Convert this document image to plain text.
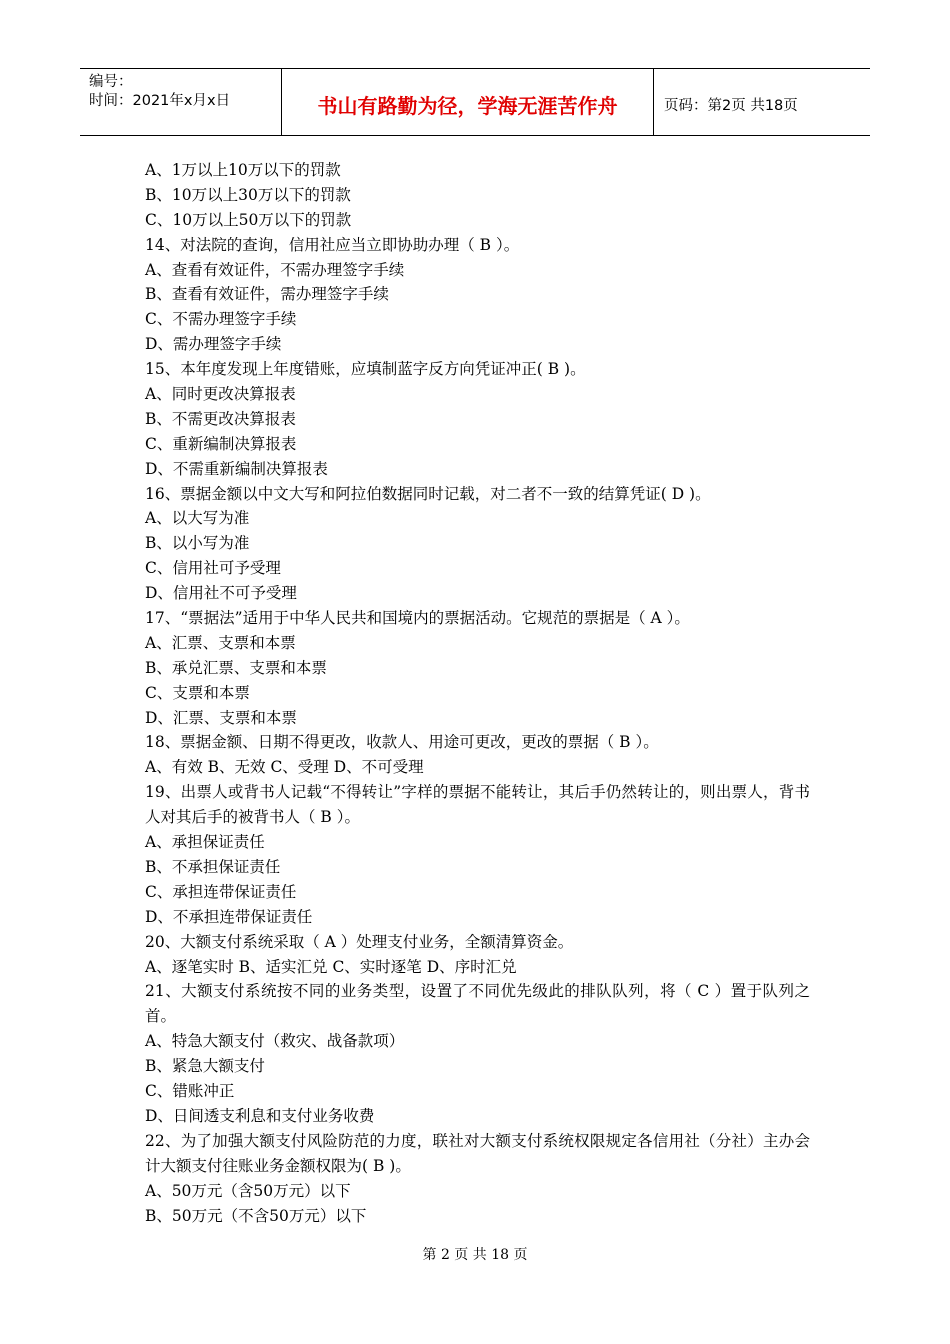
编号：
时间：2021年x月x日	书山有路勤为径，学海无涯苦作舟	页码：第2页 共18页
A、1万以上10万以下的罚款
B、10万以上30万以下的罚款
C、10万以上50万以下的罚款
14、对法院的查询，信用社应当立即协助办理（ B ）。
A、查看有效证件，不需办理签字手续
B、查看有效证件，需办理签字手续
C、不需办理签字手续
D、需办理签字手续
15、本年度发现上年度错账，应填制蓝字反方向凭证冲正( B )。
A、同时更改决算报表
B、不需更改决算报表
C、重新编制决算报表
D、不需重新编制决算报表
16、票据金额以中文大写和阿拉伯数据同时记载，对二者不一致的结算凭证( D )。
A、以大写为准
B、以小写为准
C、信用社可予受理
D、信用社不可予受理
17、“票据法”适用于中华人民共和国境内的票据活动。它规范的票据是（ A ）。
A、汇票、支票和本票
B、承兑汇票、支票和本票
C、支票和本票
D、汇票、支票和本票
18、票据金额、日期不得更改，收款人、用途可更改，更改的票据（ B ）。
A、有效 B、无效 C、受理 D、不可受理
19、出票人或背书人记载“不得转让”字样的票据不能转让，其后手仍然转让的，则出票人，背书人对其后手的被背书人（ B ）。
A、承担保证责任
B、不承担保证责任
C、承担连带保证责任
D、不承担连带保证责任
20、大额支付系统采取（ A ）处理支付业务，全额清算资金。
A、逐笔实时 B、适实汇兑 C、实时逐笔 D、序时汇兑
21、大额支付系统按不同的业务类型，设置了不同优先级此的排队队列，将（ C ）置于队列之首。
A、特急大额支付（救灾、战备款项）
B、紧急大额支付
C、错账冲正
D、日间透支利息和支付业务收费
22、为了加强大额支付风险防范的力度，联社对大额支付系统权限规定各信用社（分社）主办会计大额支付往账业务金额权限为( B )。
A、50万元（含50万元）以下
B、50万元（不含50万元）以下
第 2 页 共 18 页
